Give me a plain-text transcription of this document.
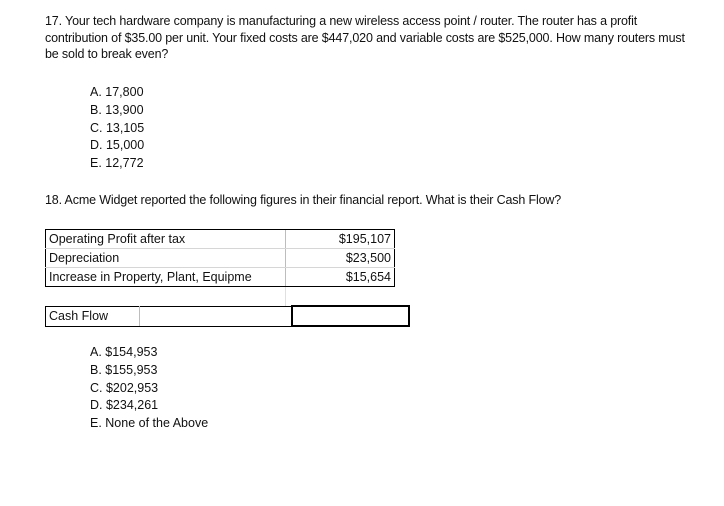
17. Your tech hardware company is manufacturing a new wireless access point / router. The router has a profit contribution of $35.00 per unit. Your fixed costs are $447,020 and variable costs are $525,000. How many routers must be sold to break even?

A. 17,800
B. 13,900
C. 13,105
D. 15,000
E. 12,772

18. Acme Widget reported the following figures in their financial report. What is their Cash Flow?

Operating Profit after tax	$195,107
Depreciation	$23,500
Increase in Property, Plant, Equipme	$15,654

Cash Flow		
A. $154,953
B. $155,953
C. $202,953
D. $234,261
E. None of the Above
